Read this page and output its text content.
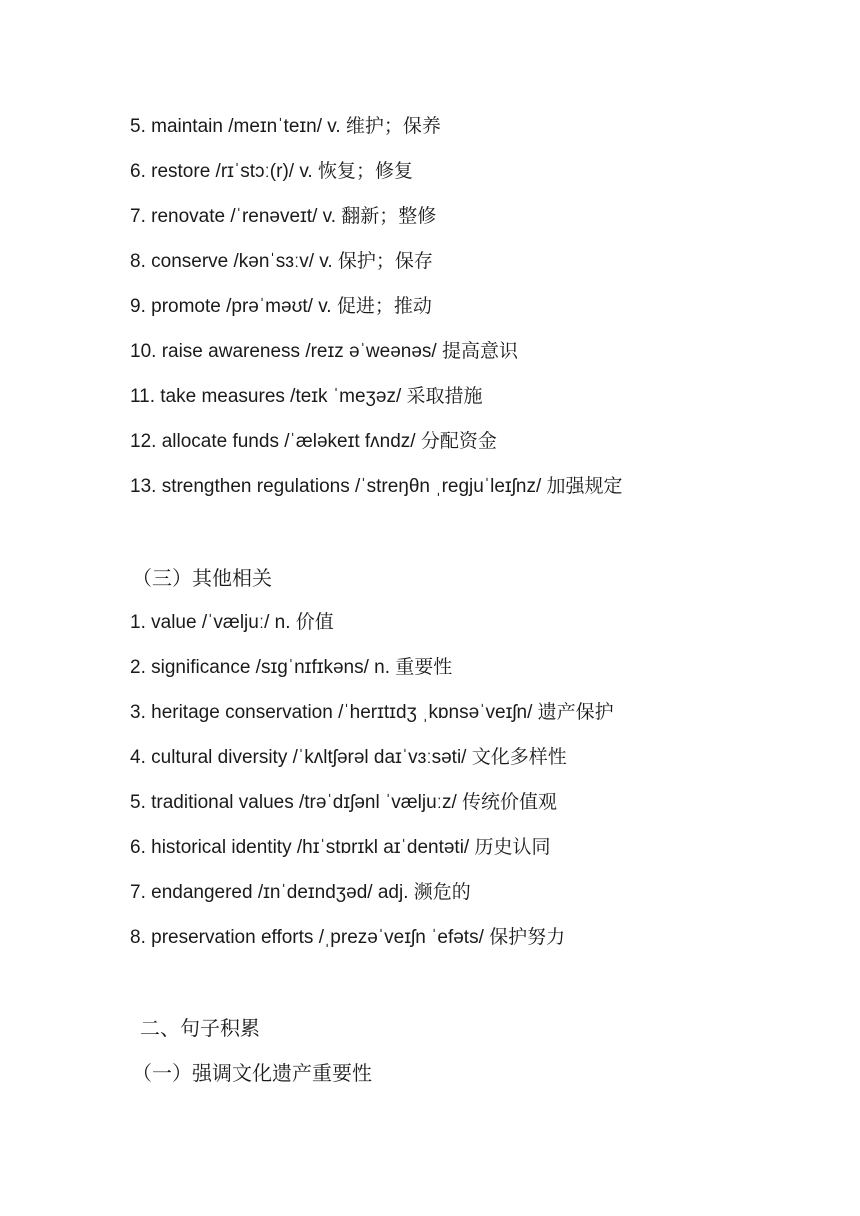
5. maintain /meɪnˈteɪn/ v. 维护；保养
6. restore /rɪˈstɔː(r)/ v. 恢复；修复
7. renovate /ˈrenəveɪt/ v. 翻新；整修
8. conserve /kənˈsɜːv/ v. 保护；保存
9. promote /prəˈməʊt/ v. 促进；推动
10. raise awareness /reɪz əˈweənəs/ 提高意识
11. take measures /teɪk ˈmeʒəz/ 采取措施
12. allocate funds /ˈæləkeɪt fʌndz/ 分配资金
13. strengthen regulations /ˈstreŋθn ˌreɡjuˈleɪʃnz/ 加强规定
（三）其他相关
1. value /ˈvæljuː/ n. 价值
2. significance /sɪɡˈnɪfɪkəns/ n. 重要性
3. heritage conservation /ˈherɪtɪdʒ ˌkɒnsəˈveɪʃn/ 遗产保护
4. cultural diversity /ˈkʌltʃərəl daɪˈvɜːsəti/ 文化多样性
5. traditional values /trəˈdɪʃənl ˈvæljuːz/ 传统价值观
6. historical identity /hɪˈstɒrɪkl aɪˈdentəti/ 历史认同
7. endangered /ɪnˈdeɪndʒəd/ adj. 濒危的
8. preservation efforts /ˌprezəˈveɪʃn ˈefəts/ 保护努力
二、句子积累
（一）强调文化遗产重要性
